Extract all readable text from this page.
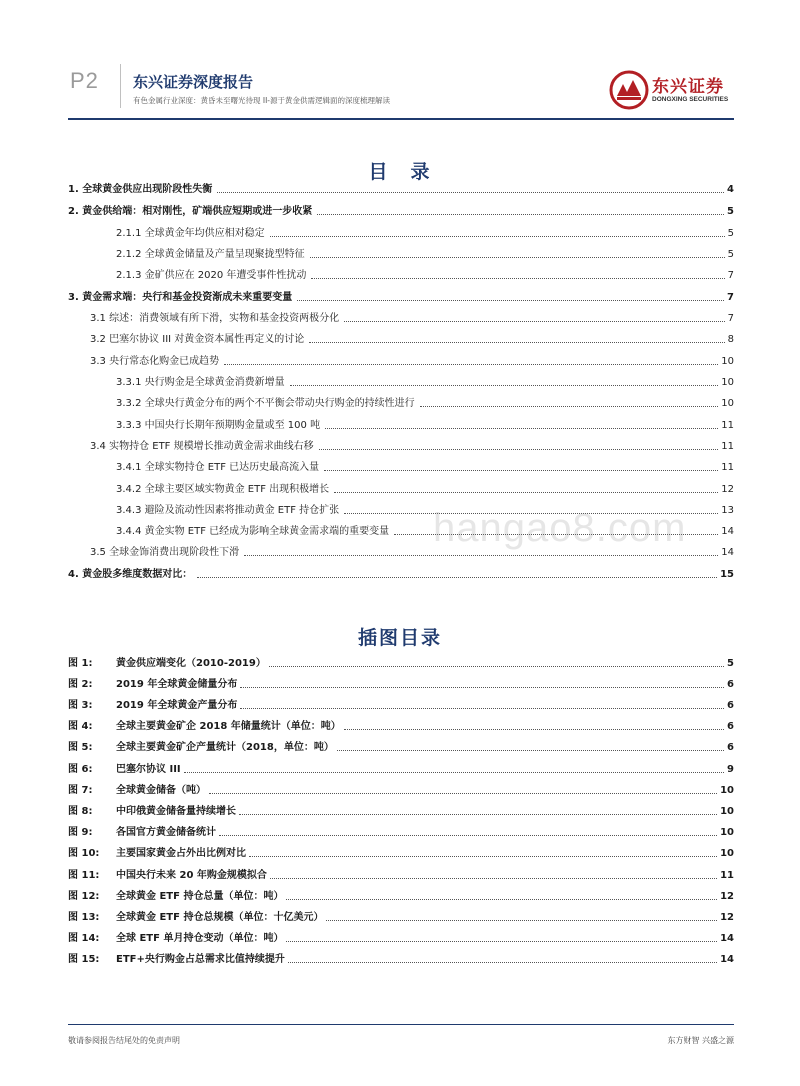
P2 东兴证券深度报告
有色金属行业深度：黄昏未至曙光待现 II-源于黄金供需逻辑面的深度梳理解读
东兴证券
DONGXING SECURITIES
目　录
1. 全球黄金供应出现阶段性失衡	4
2. 黄金供给端：相对刚性，矿端供应短期或进一步收紧	5
2.1.1 全球黄金年均供应相对稳定	5
2.1.2 全球黄金储量及产量呈现聚拢型特征	5
2.1.3 金矿供应在 2020 年遭受事件性扰动	7
3. 黄金需求端：央行和基金投资渐成未来重要变量	7
3.1 综述：消费领域有所下滑，实物和基金投资两极分化	7
3.2 巴塞尔协议 III 对黄金资本属性再定义的讨论	8
3.3 央行常态化购金已成趋势	10
3.3.1 央行购金是全球黄金消费新增量	10
3.3.2 全球央行黄金分布的两个不平衡会带动央行购金的持续性进行	10
3.3.3 中国央行长期年预期购金量或至 100 吨	11
3.4 实物持仓 ETF 规模增长推动黄金需求曲线右移	11
3.4.1 全球实物持仓 ETF 已达历史最高流入量	11
3.4.2 全球主要区域实物黄金 ETF 出现积极增长	12
3.4.3 避险及流动性因素将推动黄金 ETF 持仓扩张	13
3.4.4 黄金实物 ETF 已经成为影响全球黄金需求端的重要变量	14
3.5 全球金饰消费出现阶段性下滑	14
4. 黄金股多维度数据对比：	15
插图目录
图 1:	黄金供应端变化（2010-2019）	5
图 2:	2019 年全球黄金储量分布	6
图 3:	2019 年全球黄金产量分布	6
图 4:	全球主要黄金矿企 2018 年储量统计（单位：吨）	6
图 5:	全球主要黄金矿企产量统计（2018，单位：吨）	6
图 6:	巴塞尔协议 III	9
图 7:	全球黄金储备（吨）	10
图 8:	中印俄黄金储备量持续增长	10
图 9:	各国官方黄金储备统计	10
图 10:	主要国家黄金占外出比例对比	10
图 11:	中国央行未来 20 年购金规模拟合	11
图 12:	全球黄金 ETF 持仓总量（单位：吨）	12
图 13:	全球黄金 ETF 持仓总规模（单位：十亿美元）	12
图 14:	全球 ETF 单月持仓变动（单位：吨）	14
图 15:	ETF+央行购金占总需求比值持续提升	14
hangao8.com
敬请参阅报告结尾处的免责声明	东方财智 兴盛之源
